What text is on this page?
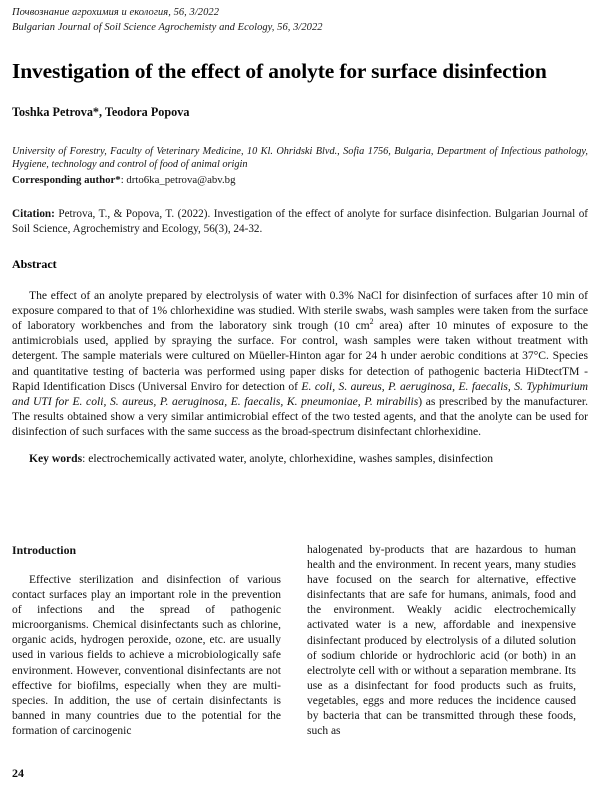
Почвознание агрохимия и екология, 56, 3/2022
Bulgarian Journal of Soil Science Agrochemisty and Ecology, 56, 3/2022
Investigation of the effect of anolyte for surface disinfection
Toshka Petrova*, Teodora Popova
University of Forestry, Faculty of Veterinary Medicine, 10 Kl. Ohridski Blvd., Sofia 1756, Bulgaria, Department of Infectious pathology, Hygiene, technology and control of food of animal origin
Corresponding author*: drto6ka_petrova@abv.bg
Citation: Petrova, T., & Popova, T. (2022). Investigation of the effect of anolyte for surface disinfection. Bulgarian Journal of Soil Science, Agrochemistry and Ecology, 56(3), 24-32.
Abstract
The effect of an anolyte prepared by electrolysis of water with 0.3% NaCl for disinfection of surfaces after 10 min of exposure compared to that of 1% chlorhexidine was studied. With sterile swabs, wash samples were taken from the surface of laboratory workbenches and from the laboratory sink trough (10 $cm^2$ area) after 10 minutes of exposure to the antimicrobials used, applied by spraying the surface. For control, wash samples were taken without treatment with detergent. The sample materials were cultured on Müeller-Hinton agar for 24 h under aerobic conditions at 37°C. Species and quantitative testing of bacteria was performed using paper disks for detection of pathogenic bacteria HiDtectTM - Rapid Identification Discs (Universal Enviro for detection of E. coli, S. aureus, P. aeruginosa, E. faecalis, S. Typhimurium and UTI for E. coli, S. aureus, P. aeruginosa, E. faecalis, K. pneumoniae, P. mirabilis) as prescribed by the manufacturer. The results obtained show a very similar antimicrobial effect of the two tested agents, and that the anolyte can be used for disinfection of such surfaces with the same success as the broad-spectrum disinfectant chlorhexidine.
Key words: electrochemically activated water, anolyte, chlorhexidine, washes samples, disinfection
Introduction

Effective sterilization and disinfection of various contact surfaces play an important role in the prevention of infections and the spread of pathogenic microorganisms. Chemical disinfectants such as chlorine, organic acids, hydrogen peroxide, ozone, etc. are usually used in various fields to achieve a microbiologically safe environment. However, conventional disinfectants are not effective for biofilms, especially when they are multi-species. In addition, the use of certain disinfectants is banned in many countries due to the potential for the formation of carcinogenic

halogenated by-products that are hazardous to human health and the environment. In recent years, many studies have focused on the search for alternative, effective disinfectants that are safe for humans, animals, food and the environment. Weakly acidic electrochemically activated water is a new, affordable and inexpensive disinfectant produced by electrolysis of a diluted solution of sodium chloride or hydrochloric acid (or both) in an electrolyte cell with or without a separation membrane. Its use as a disinfectant for food products such as fruits, vegetables, eggs and more reduces the incidence caused by bacteria that can be transmitted through these foods, such as

24
